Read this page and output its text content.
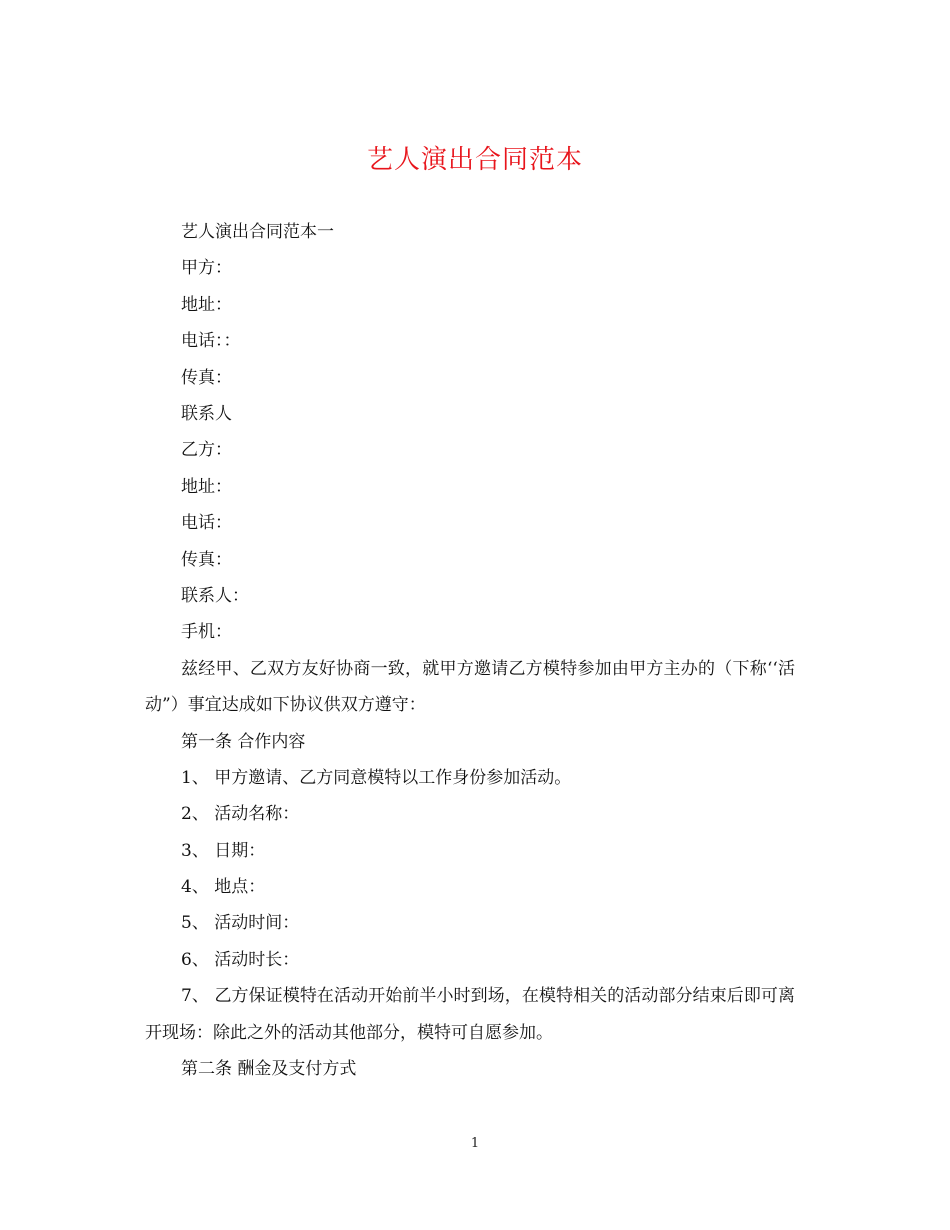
艺人演出合同范本
艺人演出合同范本一
甲方：
地址：
电话：：
传真：
联系人
乙方：
地址：
电话：
传真：
联系人：
手机：
兹经甲、乙双方友好协商一致，就甲方邀请乙方模特参加由甲方主办的（下称‘‘活动”）事宜达成如下协议供双方遵守：
第一条 合作内容
1、 甲方邀请、乙方同意模特以工作身份参加活动。
2、 活动名称：
3、 日期：
4、 地点：
5、 活动时间：
6、 活动时长：
7、 乙方保证模特在活动开始前半小时到场，在模特相关的活动部分结束后即可离开现场：除此之外的活动其他部分，模特可自愿参加。
第二条 酬金及支付方式
1
